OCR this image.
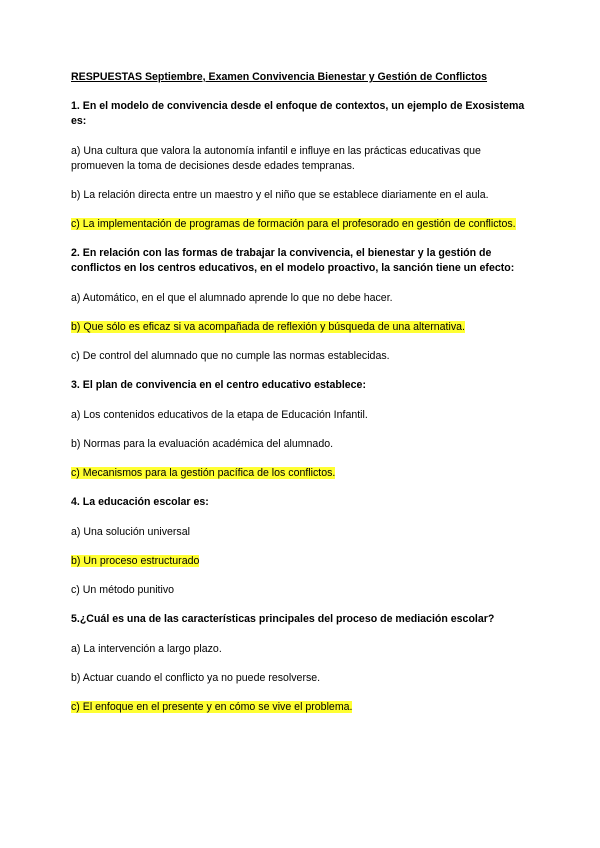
RESPUESTAS Septiembre, Examen Convivencia Bienestar y Gestión de Conflictos

1. En el modelo de convivencia desde el enfoque de contextos, un ejemplo de Exosistema es:

a) Una cultura que valora la autonomía infantil e influye en las prácticas educativas que promueven la toma de decisiones desde edades tempranas.

b) La relación directa entre un maestro y el niño que se establece diariamente en el aula.

c) La implementación de programas de formación para el profesorado en gestión de conflictos.

2. En relación con las formas de trabajar la convivencia, el bienestar y la gestión de conflictos en los centros educativos, en el modelo proactivo, la sanción tiene un efecto:

a) Automático, en el que el alumnado aprende lo que no debe hacer.

b) Que sólo es eficaz si va acompañada de reflexión y búsqueda de una alternativa.

c) De control del alumnado que no cumple las normas establecidas.

3. El plan de convivencia en el centro educativo establece:

a) Los contenidos educativos de la etapa de Educación Infantil.

b) Normas para la evaluación académica del alumnado.

c) Mecanismos para la gestión pacífica de los conflictos.

4. La educación escolar es:

a) Una solución universal

b) Un proceso estructurado

c) Un método punitivo

5.¿Cuál es una de las características principales del proceso de mediación escolar?

a) La intervención a largo plazo.

b) Actuar cuando el conflicto ya no puede resolverse.

c) El enfoque en el presente y en cómo se vive el problema.
